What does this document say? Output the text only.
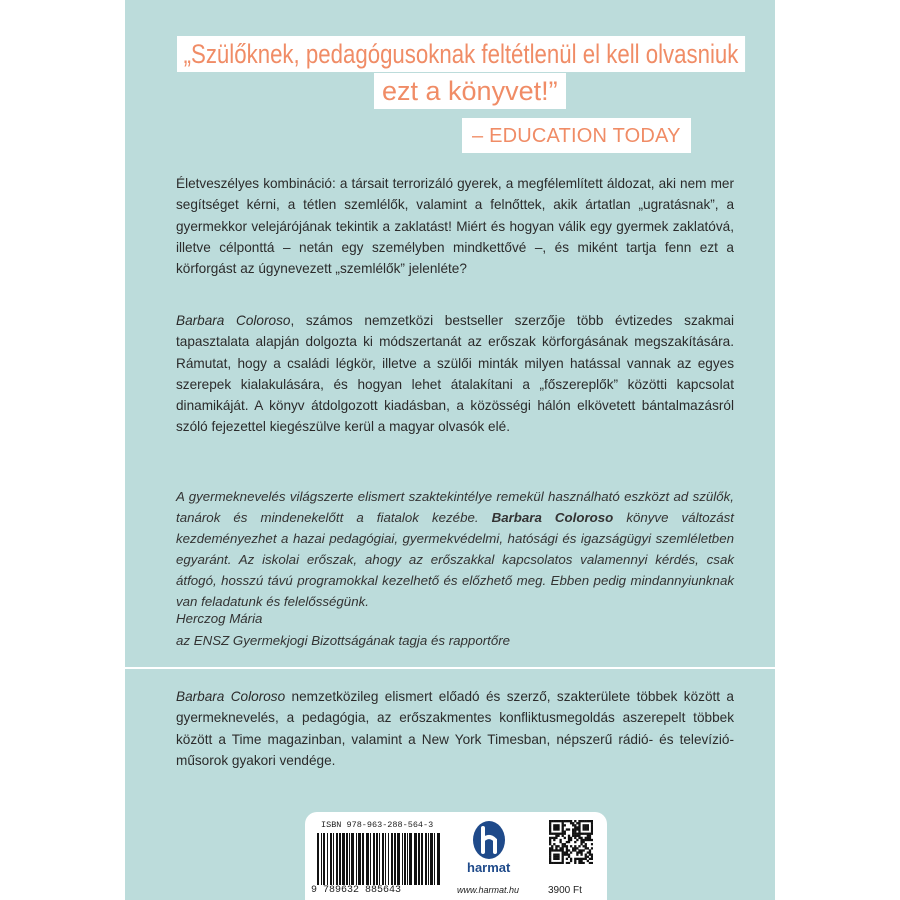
„Szülőknek, pedagógusoknak feltétlenül el kell olvasniuk
ezt a könyvet!”
– EDUCATION TODAY

Életveszélyes kombináció: a társait terrorizáló gyerek, a megfélemlített áldozat, aki nem mer segítséget kérni, a tétlen szemlélők, valamint a felnőttek, akik ártatlan „ugratásnak”, a gyermekkor velejárójának tekintik a zaklatást! Miért és hogyan válik egy gyermek zaklatóvá, illetve célponttá – netán egy személyben mindkettővé –, és miként tartja fenn ezt a körforgást az úgynevezett „szemlélők” jelenléte?

Barbara Coloroso, számos nemzetközi bestseller szerzője több évtizedes szakmai tapasztalata alapján dolgozta ki módszertanát az erőszak körforgásának megszakítására. Rámutat, hogy a családi légkör, illetve a szülői minták milyen hatással vannak az egyes szerepek kialakulására, és hogyan lehet átalakítani a „főszereplők” közötti kapcsolat dinamikáját. A könyv átdolgozott kiadásban, a közösségi hálón elkövetett bántalmazásról szóló fejezettel kiegészülve kerül a magyar olvasók elé.

A gyermeknevelés világszerte elismert szaktekintélye remekül használható eszközt ad szülők, tanárok és mindenekelőtt a fiatalok kezébe. Barbara Coloroso könyve változást kezdeményezhet a hazai pedagógiai, gyermekvédelmi, hatósági és igazságügyi szemléletben egyaránt. Az iskolai erőszak, ahogy az erőszakkal kapcsolatos valamennyi kérdés, csak átfogó, hosszú távú programokkal kezelhető és előzhető meg. Ebben pedig mindannyiunknak van feladatunk és felelősségünk.

Herczog Mária
az ENSZ Gyermekjogi Bizottságának tagja és rapportőre

Barbara Coloroso nemzetközileg elismert előadó és szerző, szakterülete többek között a gyermeknevelés, a pedagógia, az erőszakmentes konfliktusmegoldás aszerepelt többek között a Time magazinban, valamint a New York Timesban, népszerű rádió- és televízió-műsorok gyakori vendége.

ISBN 978-963-288-564-3
9 789632 885643
harmat
www.harmat.hu	3900 Ft
